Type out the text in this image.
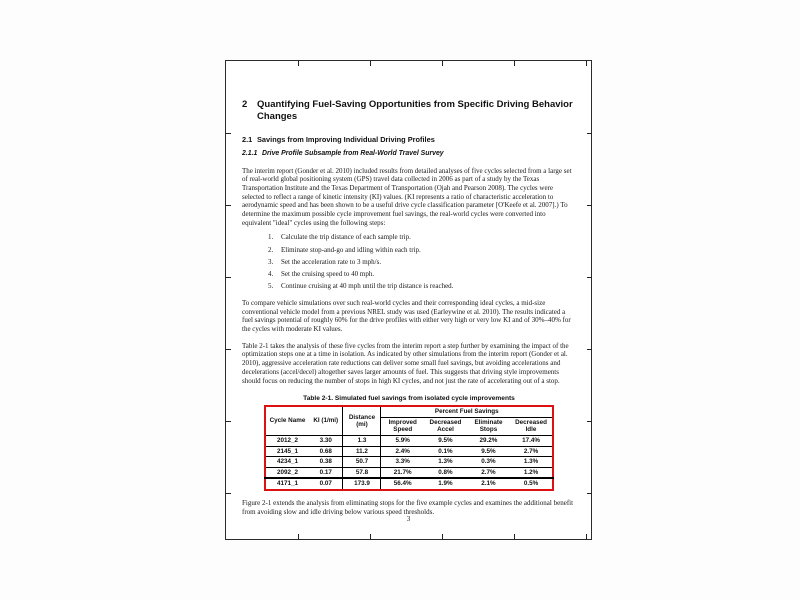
2	Quantifying Fuel-Saving Opportunities from Specific Driving Behavior Changes
2.1 Savings from Improving Individual Driving Profiles
2.1.1 Drive Profile Subsample from Real-World Travel Survey
The interim report (Gonder et al. 2010) included results from detailed analyses of five cycles selected from a large set of real-world global positioning system (GPS) travel data collected in 2006 as part of a study by the Texas Transportation Institute and the Texas Department of Transportation (Ojah and Pearson 2008). The cycles were selected to reflect a range of kinetic intensity (KI) values. (KI represents a ratio of characteristic acceleration to aerodynamic speed and has been shown to be a useful drive cycle classification parameter [O'Keefe et al. 2007].) To determine the maximum possible cycle improvement fuel savings, the real-world cycles were converted into equivalent "ideal" cycles using the following steps:
1.	Calculate the trip distance of each sample trip.
2.	Eliminate stop-and-go and idling within each trip.
3.	Set the acceleration rate to 3 mph/s.
4.	Set the cruising speed to 40 mph.
5.	Continue cruising at 40 mph until the trip distance is reached.
To compare vehicle simulations over such real-world cycles and their corresponding ideal cycles, a mid-size conventional vehicle model from a previous NREL study was used (Earleywine et al. 2010). The results indicated a fuel savings potential of roughly 60% for the drive profiles with either very high or very low KI and of 30%–40% for the cycles with moderate KI values.
Table 2-1 takes the analysis of these five cycles from the interim report a step further by examining the impact of the optimization steps one at a time in isolation. As indicated by other simulations from the interim report (Gonder et al. 2010), aggressive acceleration rate reductions can deliver some small fuel savings, but avoiding accelerations and decelerations (accel/decel) altogether saves larger amounts of fuel. This suggests that driving style improvements should focus on reducing the number of stops in high KI cycles, and not just the rate of accelerating out of a stop.
Table 2-1. Simulated fuel savings from isolated cycle improvements
Cycle Name	KI (1/mi)	Distance (mi)	Percent Fuel Savings			
			Improved Speed	Decreased Accel	Eliminate Stops	Decreased Idle
2012_2	3.30	1.3	5.9%	9.5%	29.2%	17.4%
2145_1	0.68	11.2	2.4%	0.1%	9.5%	2.7%
4234_1	0.38	50.7	3.3%	1.3%	0.3%	1.3%
2092_2	0.17	57.8	21.7%	0.8%	2.7%	1.2%
4171_1	0.07	173.9	56.4%	1.9%	2.1%	0.5%
Figure 2-1 extends the analysis from eliminating stops for the five example cycles and examines the additional benefit from avoiding slow and idle driving below various speed thresholds.
3
